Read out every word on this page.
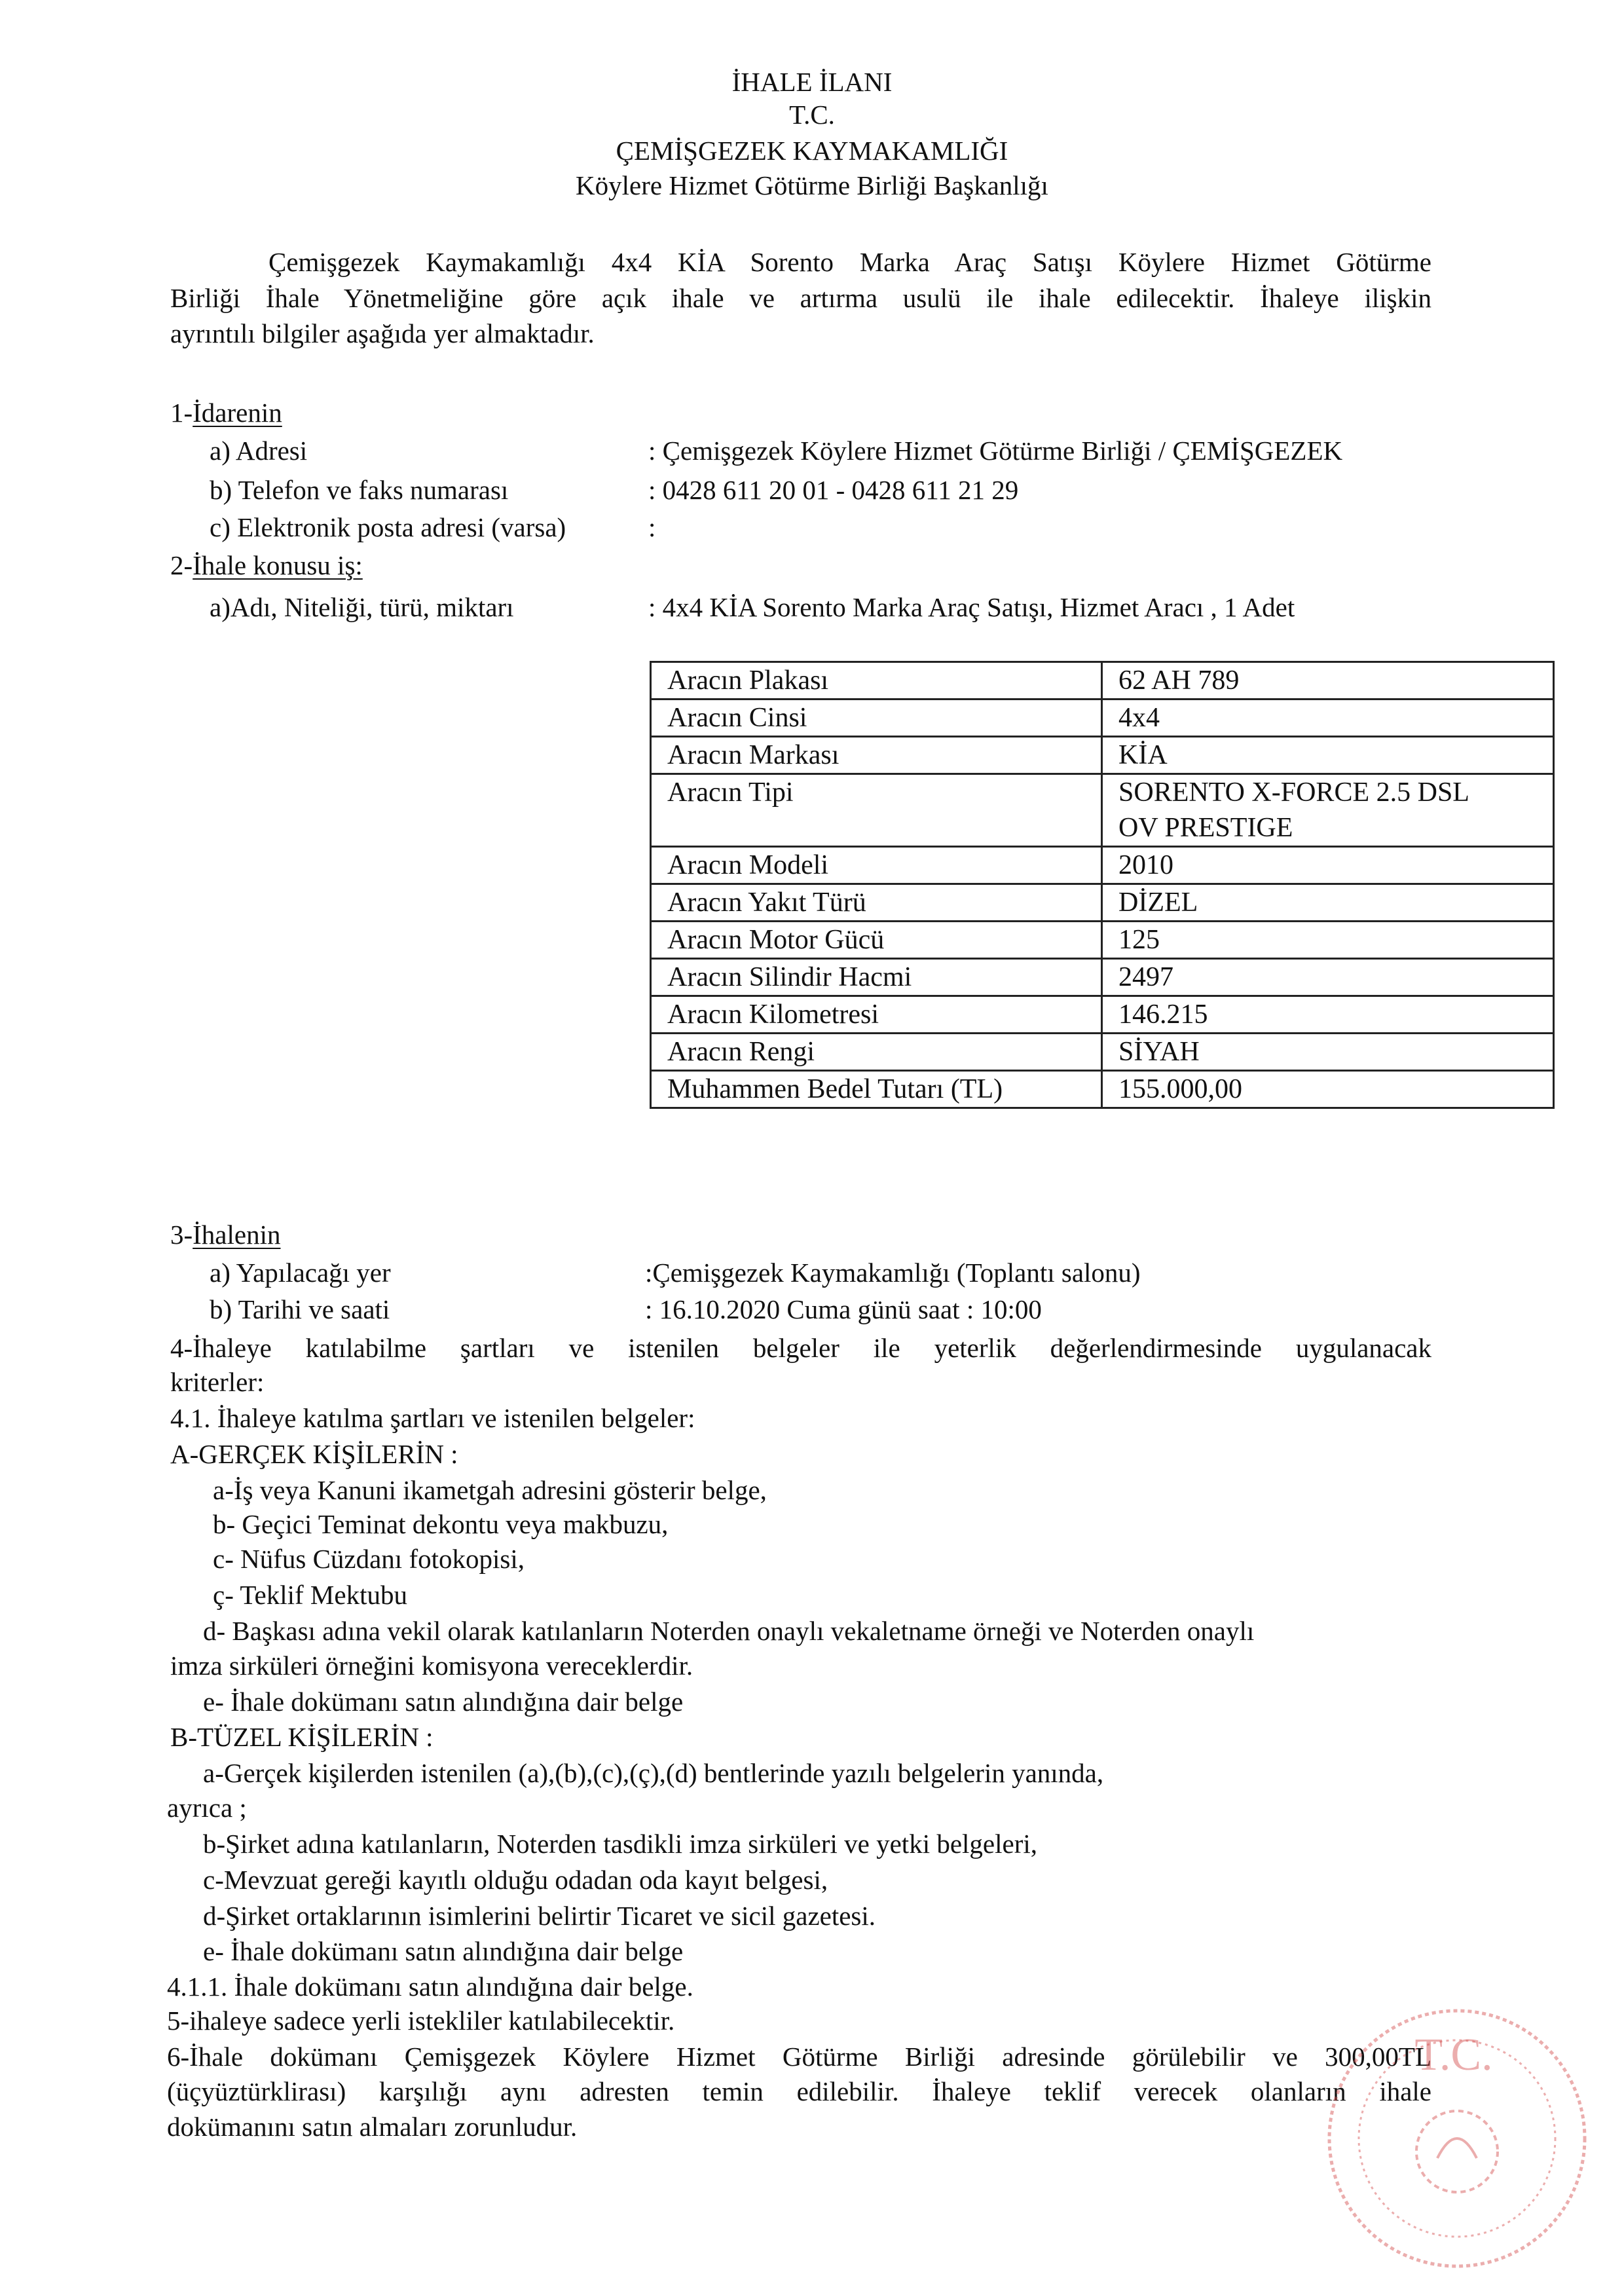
İHALE İLANI
T.C.
ÇEMİŞGEZEK KAYMAKAMLIĞI
Köylere Hizmet Götürme Birliği Başkanlığı
Çemişgezek Kaymakamlığı 4x4 KİA Sorento Marka Araç Satışı Köylere Hizmet Götürme
Birliği İhale Yönetmeliğine göre açık ihale ve artırma usulü ile ihale edilecektir. İhaleye ilişkin
ayrıntılı bilgiler aşağıda yer almaktadır.
1-İdarenin
a) Adresi	: Çemişgezek Köylere Hizmet Götürme Birliği / ÇEMİŞGEZEK
b) Telefon ve faks numarası	: 0428 611 20 01 - 0428 611 21 29
c) Elektronik posta adresi (varsa)	:
2-İhale konusu iş:
a)Adı, Niteliği, türü, miktarı	: 4x4 KİA Sorento Marka Araç Satışı, Hizmet Aracı , 1 Adet
Aracın Plakası	62 AH 789
Aracın Cinsi	4x4
Aracın Markası	KİA
Aracın Tipi	SORENTO X-FORCE 2.5 DSL
OV PRESTIGE

Aracın Modeli	2010
Aracın Yakıt Türü	DİZEL
Aracın Motor Gücü	125
Aracın Silindir Hacmi	2497
Aracın Kilometresi	146.215
Aracın Rengi	SİYAH
Muhammen Bedel Tutarı (TL)	155.000,00
3-İhalenin
a) Yapılacağı yer	:Çemişgezek Kaymakamlığı (Toplantı salonu)
b) Tarihi ve saati	: 16.10.2020 Cuma günü saat : 10:00
4-İhaleye katılabilme şartları ve istenilen belgeler ile yeterlik değerlendirmesinde uygulanacak
kriterler:
4.1. İhaleye katılma şartları ve istenilen belgeler:
A-GERÇEK KİŞİLERİN :
a-İş veya Kanuni ikametgah adresini gösterir belge,
b- Geçici Teminat dekontu veya makbuzu,
c- Nüfus Cüzdanı fotokopisi,
ç- Teklif Mektubu
d- Başkası adına vekil olarak katılanların Noterden onaylı vekaletname örneği ve Noterden onaylı
imza sirküleri örneğini komisyona vereceklerdir.
e- İhale dokümanı satın alındığına dair belge
B-TÜZEL KİŞİLERİN :
a-Gerçek kişilerden istenilen (a),(b),(c),(ç),(d) bentlerinde yazılı belgelerin yanında,
ayrıca ;
b-Şirket adına katılanların, Noterden tasdikli imza sirküleri ve yetki belgeleri,
c-Mevzuat gereği kayıtlı olduğu odadan oda kayıt belgesi,
d-Şirket ortaklarının isimlerini belirtir Ticaret ve sicil gazetesi.
e- İhale dokümanı satın alındığına dair belge
4.1.1. İhale dokümanı satın alındığına dair belge.
5-ihaleye sadece yerli istekliler katılabilecektir.
6-İhale dokümanı Çemişgezek Köylere Hizmet Götürme Birliği adresinde görülebilir ve 300,00TL
(üçyüztürklirası) karşılığı aynı adresten temin edilebilir. İhaleye teklif verecek olanların ihale
dokümanını satın almaları zorunludur.
T.C.
